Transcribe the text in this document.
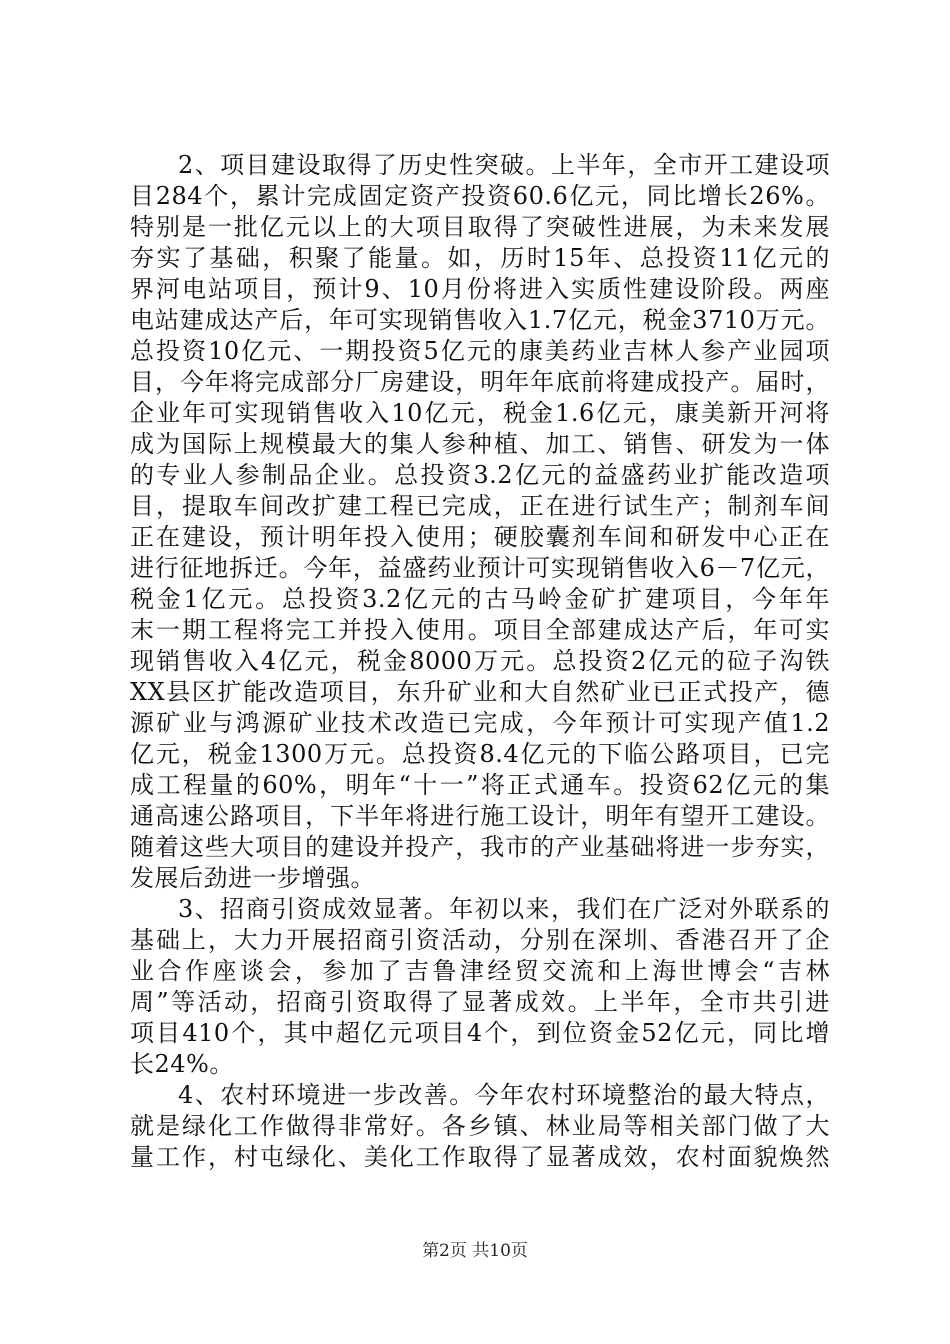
2、项目建设取得了历史性突破。上半年，全市开工建设项
目284个，累计完成固定资产投资60.6亿元，同比增长26%。
特别是一批亿元以上的大项目取得了突破性进展，为未来发展
夯实了基础，积聚了能量。如，历时15年、总投资11亿元的
界河电站项目，预计9、10月份将进入实质性建设阶段。两座
电站建成达产后，年可实现销售收入1.7亿元，税金3710万元。
总投资10亿元、一期投资5亿元的康美药业吉林人参产业园项
目，今年将完成部分厂房建设，明年年底前将建成投产。届时，
企业年可实现销售收入10亿元，税金1.6亿元，康美新开河将
成为国际上规模最大的集人参种植、加工、销售、研发为一体
的专业人参制品企业。总投资3.2亿元的益盛药业扩能改造项
目，提取车间改扩建工程已完成，正在进行试生产；制剂车间
正在建设，预计明年投入使用；硬胶囊剂车间和研发中心正在
进行征地拆迁。今年，益盛药业预计可实现销售收入6－7亿元，
税金1亿元。总投资3.2亿元的古马岭金矿扩建项目，今年年
末一期工程将完工并投入使用。项目全部建成达产后，年可实
现销售收入4亿元，税金8000万元。总投资2亿元的砬子沟铁
XX县区扩能改造项目，东升矿业和大自然矿业已正式投产，德
源矿业与鸿源矿业技术改造已完成，今年预计可实现产值1.2
亿元，税金1300万元。总投资8.4亿元的下临公路项目，已完
成工程量的60%，明年“十一”将正式通车。投资62亿元的集
通高速公路项目，下半年将进行施工设计，明年有望开工建设。
随着这些大项目的建设并投产，我市的产业基础将进一步夯实，
发展后劲进一步增强。
3、招商引资成效显著。年初以来，我们在广泛对外联系的
基础上，大力开展招商引资活动，分别在深圳、香港召开了企
业合作座谈会，参加了吉鲁津经贸交流和上海世博会“吉林
周”等活动，招商引资取得了显著成效。上半年，全市共引进
项目410个，其中超亿元项目4个，到位资金52亿元，同比增
长24%。
4、农村环境进一步改善。今年农村环境整治的最大特点，
就是绿化工作做得非常好。各乡镇、林业局等相关部门做了大
量工作，村屯绿化、美化工作取得了显著成效，农村面貌焕然
第2页 共10页
